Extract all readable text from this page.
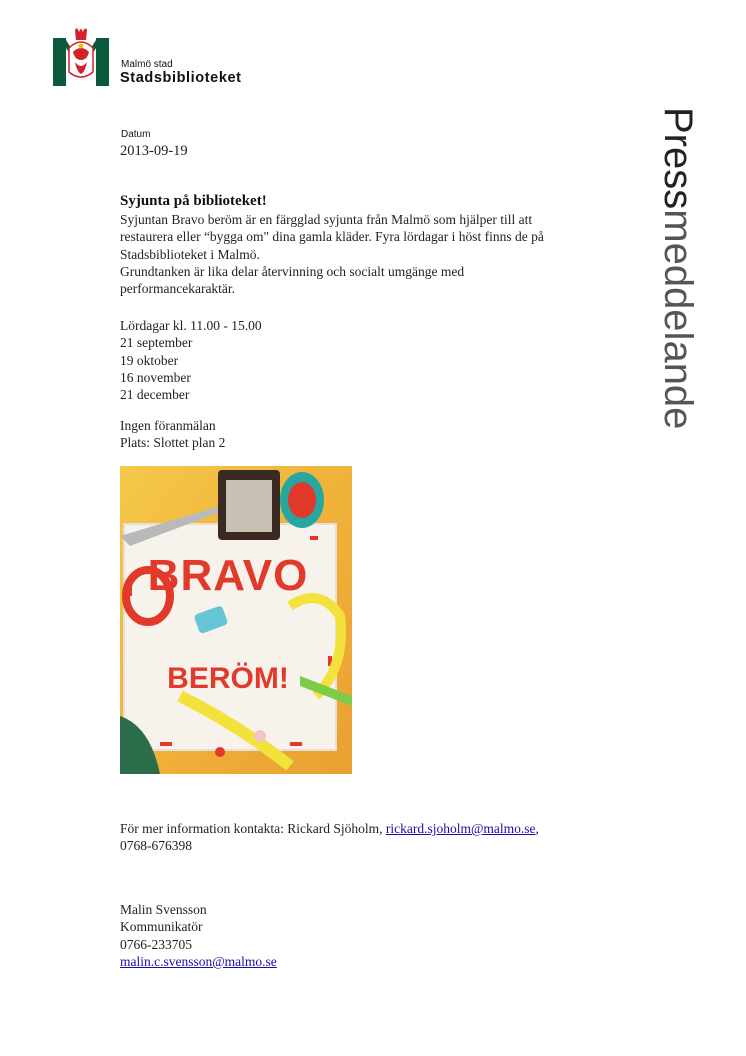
Malmö stad
Stadsbiblioteket
Pressmeddelande
Datum
2013-09-19
Syjunta på biblioteket!
Syjuntan Bravo beröm är en färgglad syjunta från Malmö som hjälper till att
restaurera eller “bygga om" dina gamla kläder. Fyra lördagar i höst finns de på
Stadsbiblioteket i Malmö.
Grundtanken är lika delar återvinning och socialt umgänge med
performancekaraktär.
Lördagar kl. 11.00 - 15.00
21 september
19 oktober
16 november
21 december
Ingen föranmälan
Plats: Slottet plan 2
BRAVO
BERÖM!
För mer information kontakta: Rickard Sjöholm, rickard.sjoholm@malmo.se,
0768-676398
Malin Svensson
Kommunikatör
0766-233705
malin.c.svensson@malmo.se
